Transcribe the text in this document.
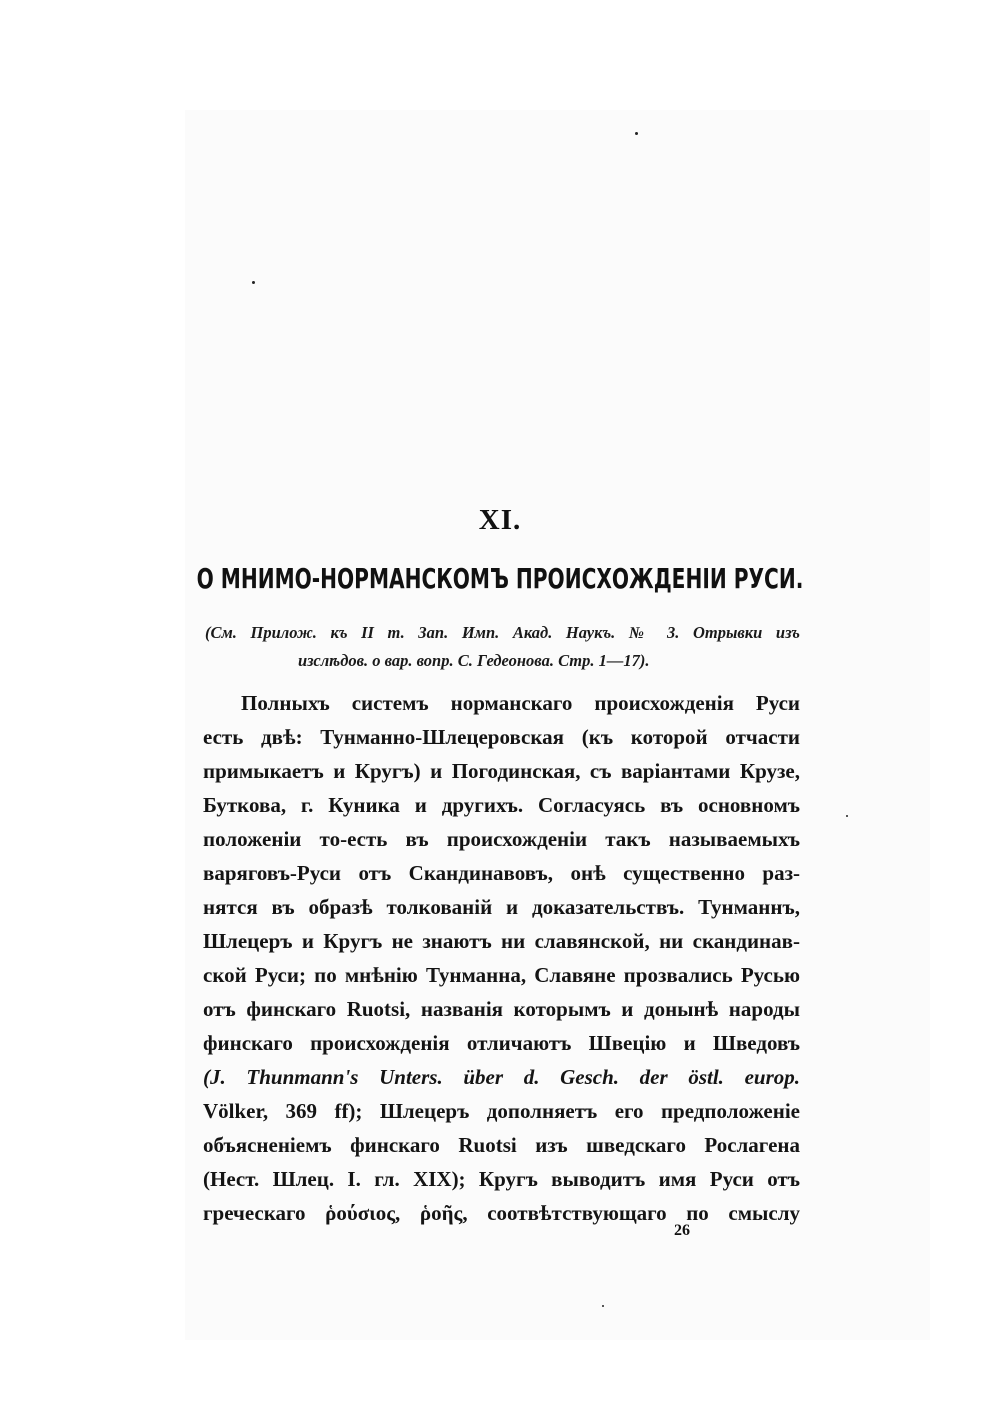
XI.
О МНИМО-НОРМАНСКОМЪ ПРОИСХОЖДЕНІИ РУСИ.
(См. Прилож. къ II т. Зап. Имп. Акад. Наукъ. № 3. Отрывки изъ
изслѣдов. о вар. вопр. С. Гедеонова. Стр. 1—17).
Полныхъ системъ норманскаго происхожденія Руси
есть двѣ: Тунманно-Шлецеровская (къ которой отчасти
примыкаетъ и Кругъ) и Погодинская, съ варіантами Крузе,
Буткова, г. Куника и другихъ. Согласуясь въ основномъ
положеніи то-есть въ происхожденіи такъ называемыхъ
варяговъ-Руси отъ Скандинавовъ, онѣ существенно раз-
нятся въ образѣ толкованій и доказательствъ. Тунманнъ,
Шлецеръ и Кругъ не знаютъ ни славянской, ни скандинав-
ской Руси; по мнѣнію Тунманна, Славяне прозвались Русью
отъ финскаго Ruotsi, названія которымъ и донынѣ народы
финскаго происхожденія отличаютъ Швецію и Шведовъ
(J. Thunmann's Unters. über d. Gesch. der östl. europ.
Völker, 369 ff); Шлецеръ дополняетъ его предположеніе
объясненіемъ финскаго Ruotsi изъ шведскаго Рослагена
(Нест. Шлец. I. гл. XIX); Кругъ выводитъ имя Руси отъ
греческаго ῥούσιος, ῥοῆς, соотвѣтствующаго по смыслу
26
